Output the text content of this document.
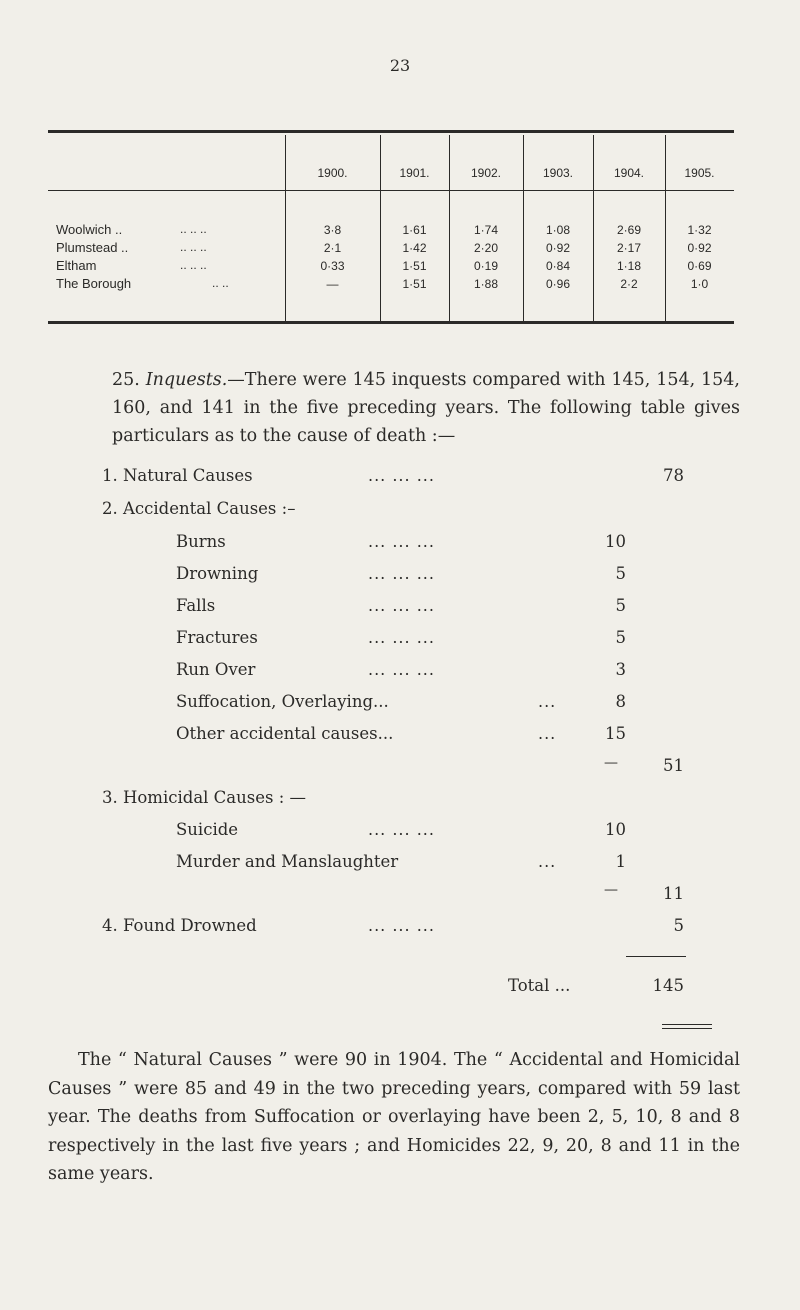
23
1900.	1901.	1902.	1903.	1904.	1905.
Woolwich ..	.. .. ..	3·8	1·61	1·74	1·08	2·69	1·32
Plumstead ..	.. .. ..	2·1	1·42	2·20	0·92	2·17	0·92
Eltham	.. .. ..	0·33	1·51	0·19	0·84	1·18	0·69
The Borough	.. ..	—	1·51	1·88	0·96	2·2	1·0
25. Inquests.—There were 145 inquests compared with 145, 154, 154, 160, and 141 in the five preceding years. The following table gives particulars as to the cause of death :—
1. Natural Causes	... ... ...	78
2. Accidental Causes :–
Burns	... ... ...	10
Drowning	... ... ...	5
Falls	... ... ...	5
Fractures	... ... ...	5
Run Over	... ... ...	3
Suffocation, Overlaying...	...	8
Other accidental causes...	...	15
—	51
3. Homicidal Causes : —
Suicide	... ... ...	10
Murder and Manslaughter	...	1
—	11
4. Found Drowned	... ... ...	5
Total ...	145
The “ Natural Causes ” were 90 in 1904. The “ Accidental and Homicidal Causes ” were 85 and 49 in the two preceding years, compared with 59 last year. The deaths from Suffocation or overlaying have been 2, 5, 10, 8 and 8 respectively in the last five years ; and Homicides 22, 9, 20, 8 and 11 in the same years.
